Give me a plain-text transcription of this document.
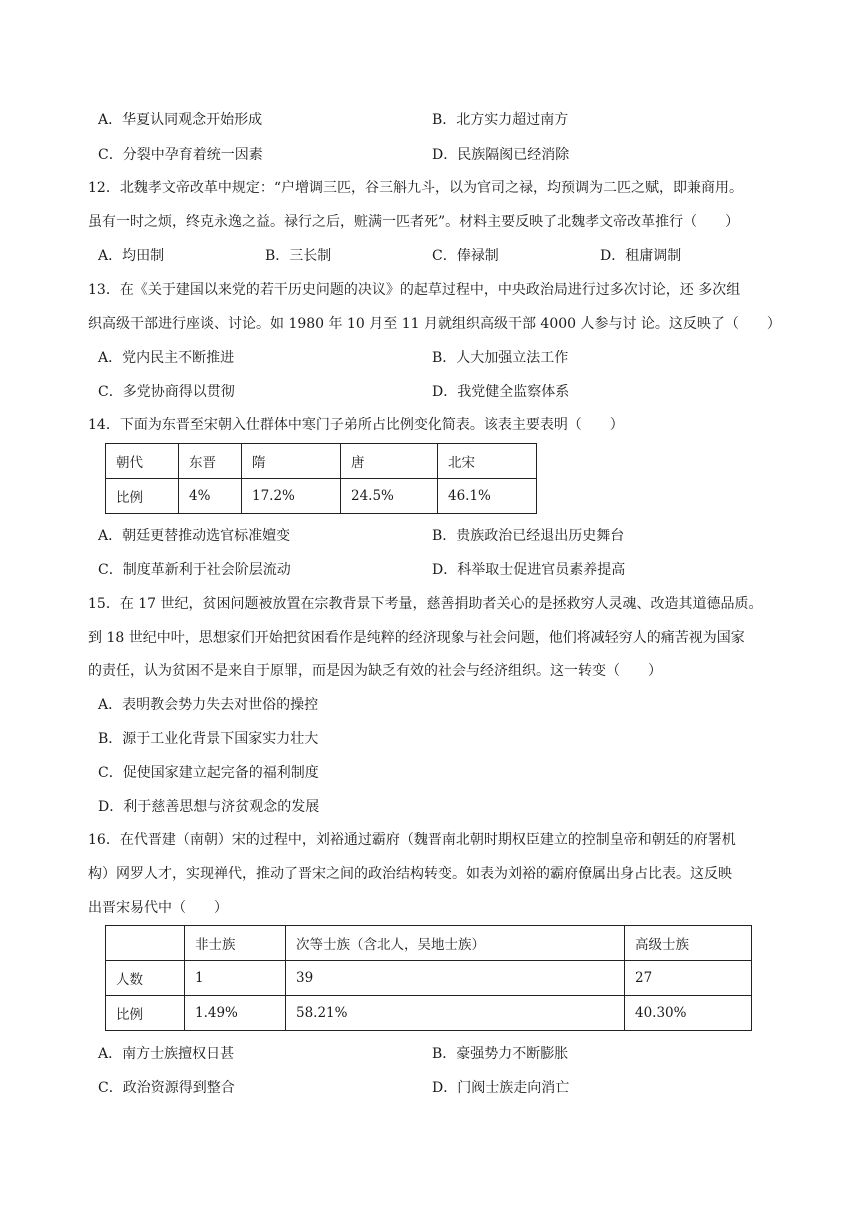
A．华夏认同观念开始形成	B．北方实力超过南方
C．分裂中孕育着统一因素	D．民族隔阂已经消除
12．北魏孝文帝改革中规定：“户增调三匹，谷三斛九斗，以为官司之禄，均预调为二匹之赋，即兼商用。
虽有一时之烦，终克永逸之益。禄行之后，赃满一匹者死”。材料主要反映了北魏孝文帝改革推行（　　）
A．均田制	B．三长制	C．俸禄制	D．租庸调制
13．在《关于建国以来党的若干历史问题的决议》的起草过程中，中央政治局进行过多次讨论，还 多次组
织高级干部进行座谈、讨论。如 1980 年 10 月至 11 月就组织高级干部 4000 人参与讨 论。这反映了（　　）
A．党内民主不断推进	B．人大加强立法工作
C．多党协商得以贯彻	D．我党健全监察体系
14．下面为东晋至宋朝入仕群体中寒门子弟所占比例变化简表。该表主要表明（　　）
朝代	东晋	隋	唐	北宋
比例	4%	17.2%	24.5%	46.1%
A．朝廷更替推动选官标准嬗变	B．贵族政治已经退出历史舞台
C．制度革新利于社会阶层流动	D．科举取士促进官员素养提高
15．在 17 世纪，贫困问题被放置在宗教背景下考量，慈善捐助者关心的是拯救穷人灵魂、改造其道德品质。
到 18 世纪中叶，思想家们开始把贫困看作是纯粹的经济现象与社会问题，他们将减轻穷人的痛苦视为国家
的责任，认为贫困不是来自于原罪，而是因为缺乏有效的社会与经济组织。这一转变（　　）
A．表明教会势力失去对世俗的操控
B．源于工业化背景下国家实力壮大
C．促使国家建立起完备的福利制度
D．利于慈善思想与济贫观念的发展
16．在代晋建（南朝）宋的过程中，刘裕通过霸府（魏晋南北朝时期权臣建立的控制皇帝和朝廷的府署机
构）网罗人才，实现禅代，推动了晋宋之间的政治结构转变。如表为刘裕的霸府僚属出身占比表。这反映
出晋宋易代中（　　）
	非士族	次等士族（含北人，吴地士族）	高级士族
人数	1	39	27
比例	1.49%	58.21%	40.30%
A．南方士族擅权日甚	B．豪强势力不断膨胀
C．政治资源得到整合	D．门阀士族走向消亡
